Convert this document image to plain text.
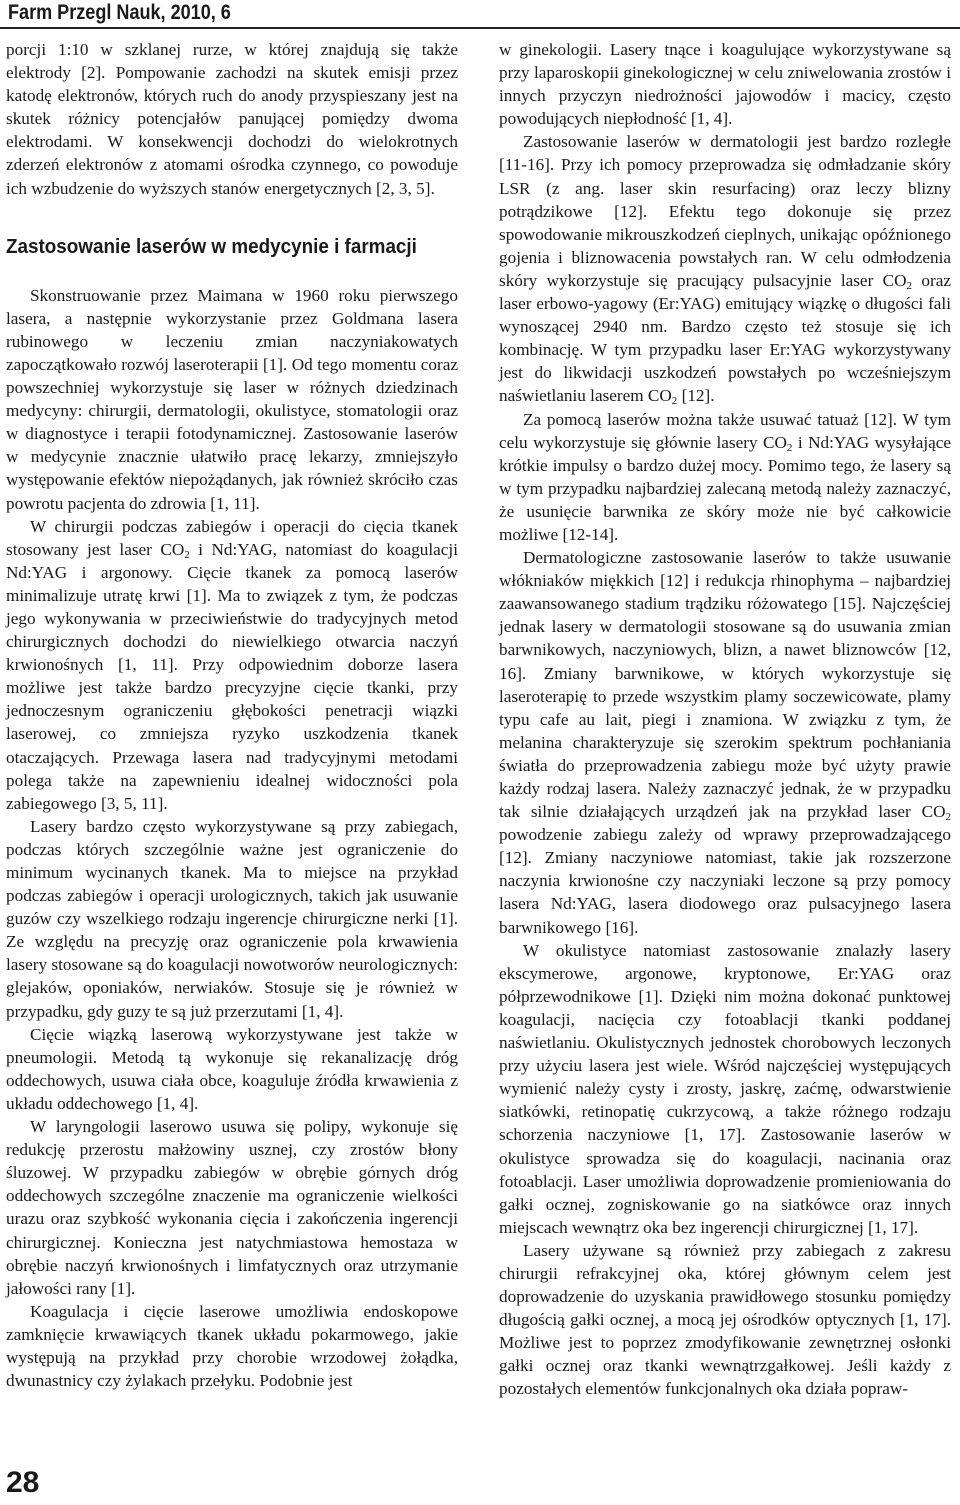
Farm Przegl Nauk, 2010, 6

porcji 1:10 w szklanej rurze, w której znajdują się także elektrody [2]. Pompowanie zachodzi na skutek emisji przez katodę elektronów, których ruch do anody przyspieszany jest na skutek różnicy potencjałów panującej pomiędzy dwoma elektrodami. W konsekwencji dochodzi do wielokrotnych zderzeń elektronów z atomami ośrodka czynnego, co powoduje ich wzbudzenie do wyższych stanów energetycznych [2, 3, 5].

Zastosowanie laserów w medycynie i farmacji

Skonstruowanie przez Maimana w 1960 roku pierwszego lasera, a następnie wykorzystanie przez Goldmana lasera rubinowego w leczeniu zmian naczyniakowatych zapoczątkowało rozwój laseroterapii [1]. Od tego momentu coraz powszechniej wykorzystuje się laser w różnych dziedzinach medycyny: chirurgii, dermatologii, okulistyce, stomatologii oraz w diagnostyce i terapii fotodynamicznej. Zastosowanie laserów w medycynie znacznie ułatwiło pracę lekarzy, zmniejszyło występowanie efektów niepożądanych, jak również skróciło czas powrotu pacjenta do zdrowia [1, 11].

W chirurgii podczas zabiegów i operacji do cięcia tkanek stosowany jest laser $CO_2$ i Nd:YAG, natomiast do koagulacji Nd:YAG i argonowy. Cięcie tkanek za pomocą laserów minimalizuje utratę krwi [1]. Ma to związek z tym, że podczas jego wykonywania w przeciwieństwie do tradycyjnych metod chirurgicznych dochodzi do niewielkiego otwarcia naczyń krwionośnych [1, 11]. Przy odpowiednim doborze lasera możliwe jest także bardzo precyzyjne cięcie tkanki, przy jednoczesnym ograniczeniu głębokości penetracji wiązki laserowej, co zmniejsza ryzyko uszkodzenia tkanek otaczających. Przewaga lasera nad tradycyjnymi metodami polega także na zapewnieniu idealnej widoczności pola zabiegowego [3, 5, 11].

Lasery bardzo często wykorzystywane są przy zabiegach, podczas których szczególnie ważne jest ograniczenie do minimum wycinanych tkanek. Ma to miejsce na przykład podczas zabiegów i operacji urologicznych, takich jak usuwanie guzów czy wszelkiego rodzaju ingerencje chirurgiczne nerki [1]. Ze względu na precyzję oraz ograniczenie pola krwawienia lasery stosowane są do koagulacji nowotworów neurologicznych: glejaków, oponiaków, nerwiaków. Stosuje się je również w przypadku, gdy guzy te są już przerzutami [1, 4].

Cięcie wiązką laserową wykorzystywane jest także w pneumologii. Metodą tą wykonuje się rekanalizację dróg oddechowych, usuwa ciała obce, koaguluje źródła krwawienia z układu oddechowego [1, 4].

W laryngologii laserowo usuwa się polipy, wykonuje się redukcję przerostu małżowiny usznej, czy zrostów błony śluzowej. W przypadku zabiegów w obrębie górnych dróg oddechowych szczególne znaczenie ma ograniczenie wielkości urazu oraz szybkość wykonania cięcia i zakończenia ingerencji chirurgicznej. Konieczna jest natychmiastowa hemostaza w obrębie naczyń krwionośnych i limfatycznych oraz utrzymanie jałowości rany [1].

Koagulacja i cięcie laserowe umożliwia endoskopowe zamknięcie krwawiących tkanek układu pokarmowego, jakie występują na przykład przy chorobie wrzodowej żołądka, dwunastnicy czy żylakach przełyku. Podobnie jest

w ginekologii. Lasery tnące i koagulujące wykorzystywane są przy laparoskopii ginekologicznej w celu zniwelowania zrostów i innych przyczyn niedrożności jajowodów i macicy, często powodujących niepłodność [1, 4].

Zastosowanie laserów w dermatologii jest bardzo rozległe [11-16]. Przy ich pomocy przeprowadza się odmładzanie skóry LSR (z ang. laser skin resurfacing) oraz leczy blizny potrądzikowe [12]. Efektu tego dokonuje się przez spowodowanie mikrouszkodzeń cieplnych, unikając opóźnionego gojenia i bliznowacenia powstałych ran. W celu odmłodzenia skóry wykorzystuje się pracujący pulsacyjnie laser $CO_2$ oraz laser erbowo-yagowy (Er:YAG) emitujący wiązkę o długości fali wynoszącej 2940 nm. Bardzo często też stosuje się ich kombinację. W tym przypadku laser Er:YAG wykorzystywany jest do likwidacji uszkodzeń powstałych po wcześniejszym naświetlaniu laserem $CO_2$ [12].

Za pomocą laserów można także usuwać tatuaż [12]. W tym celu wykorzystuje się głównie lasery $CO_2$ i Nd:YAG wysyłające krótkie impulsy o bardzo dużej mocy. Pomimo tego, że lasery są w tym przypadku najbardziej zalecaną metodą należy zaznaczyć, że usunięcie barwnika ze skóry może nie być całkowicie możliwe [12-14].

Dermatologiczne zastosowanie laserów to także usuwanie włókniaków miękkich [12] i redukcja rhinophyma – najbardziej zaawansowanego stadium trądziku różowatego [15]. Najczęściej jednak lasery w dermatologii stosowane są do usuwania zmian barwnikowych, naczyniowych, blizn, a nawet bliznowców [12, 16]. Zmiany barwnikowe, w których wykorzystuje się laseroterapię to przede wszystkim plamy soczewicowate, plamy typu cafe au lait, piegi i znamiona. W związku z tym, że melanina charakteryzuje się szerokim spektrum pochłaniania światła do przeprowadzenia zabiegu może być użyty prawie każdy rodzaj lasera. Należy zaznaczyć jednak, że w przypadku tak silnie działających urządzeń jak na przykład laser $CO_2$ powodzenie zabiegu zależy od wprawy przeprowadzającego [12]. Zmiany naczyniowe natomiast, takie jak rozszerzone naczynia krwionośne czy naczyniaki leczone są przy pomocy lasera Nd:YAG, lasera diodowego oraz pulsacyjnego lasera barwnikowego [16].

W okulistyce natomiast zastosowanie znalazły lasery ekscymerowe, argonowe, kryptonowe, Er:YAG oraz półprzewodnikowe [1]. Dzięki nim można dokonać punktowej koagulacji, nacięcia czy fotoablacji tkanki poddanej naświetlaniu. Okulistycznych jednostek chorobowych leczonych przy użyciu lasera jest wiele. Wśród najczęściej występujących wymienić należy cysty i zrosty, jaskrę, zaćmę, odwarstwienie siatkówki, retinopatię cukrzycową, a także różnego rodzaju schorzenia naczyniowe [1, 17]. Zastosowanie laserów w okulistyce sprowadza się do koagulacji, nacinania oraz fotoablacji. Laser umożliwia doprowadzenie promieniowania do gałki ocznej, zogniskowanie go na siatkówce oraz innych miejscach wewnątrz oka bez ingerencji chirurgicznej [1, 17].

Lasery używane są również przy zabiegach z zakresu chirurgii refrakcyjnej oka, której głównym celem jest doprowadzenie do uzyskania prawidłowego stosunku pomiędzy długością gałki ocznej, a mocą jej ośrodków optycznych [1, 17]. Możliwe jest to poprzez zmodyfikowanie zewnętrznej osłonki gałki ocznej oraz tkanki wewnątrzgałkowej. Jeśli każdy z pozostałych elementów funkcjonalnych oka działa popraw-

28
